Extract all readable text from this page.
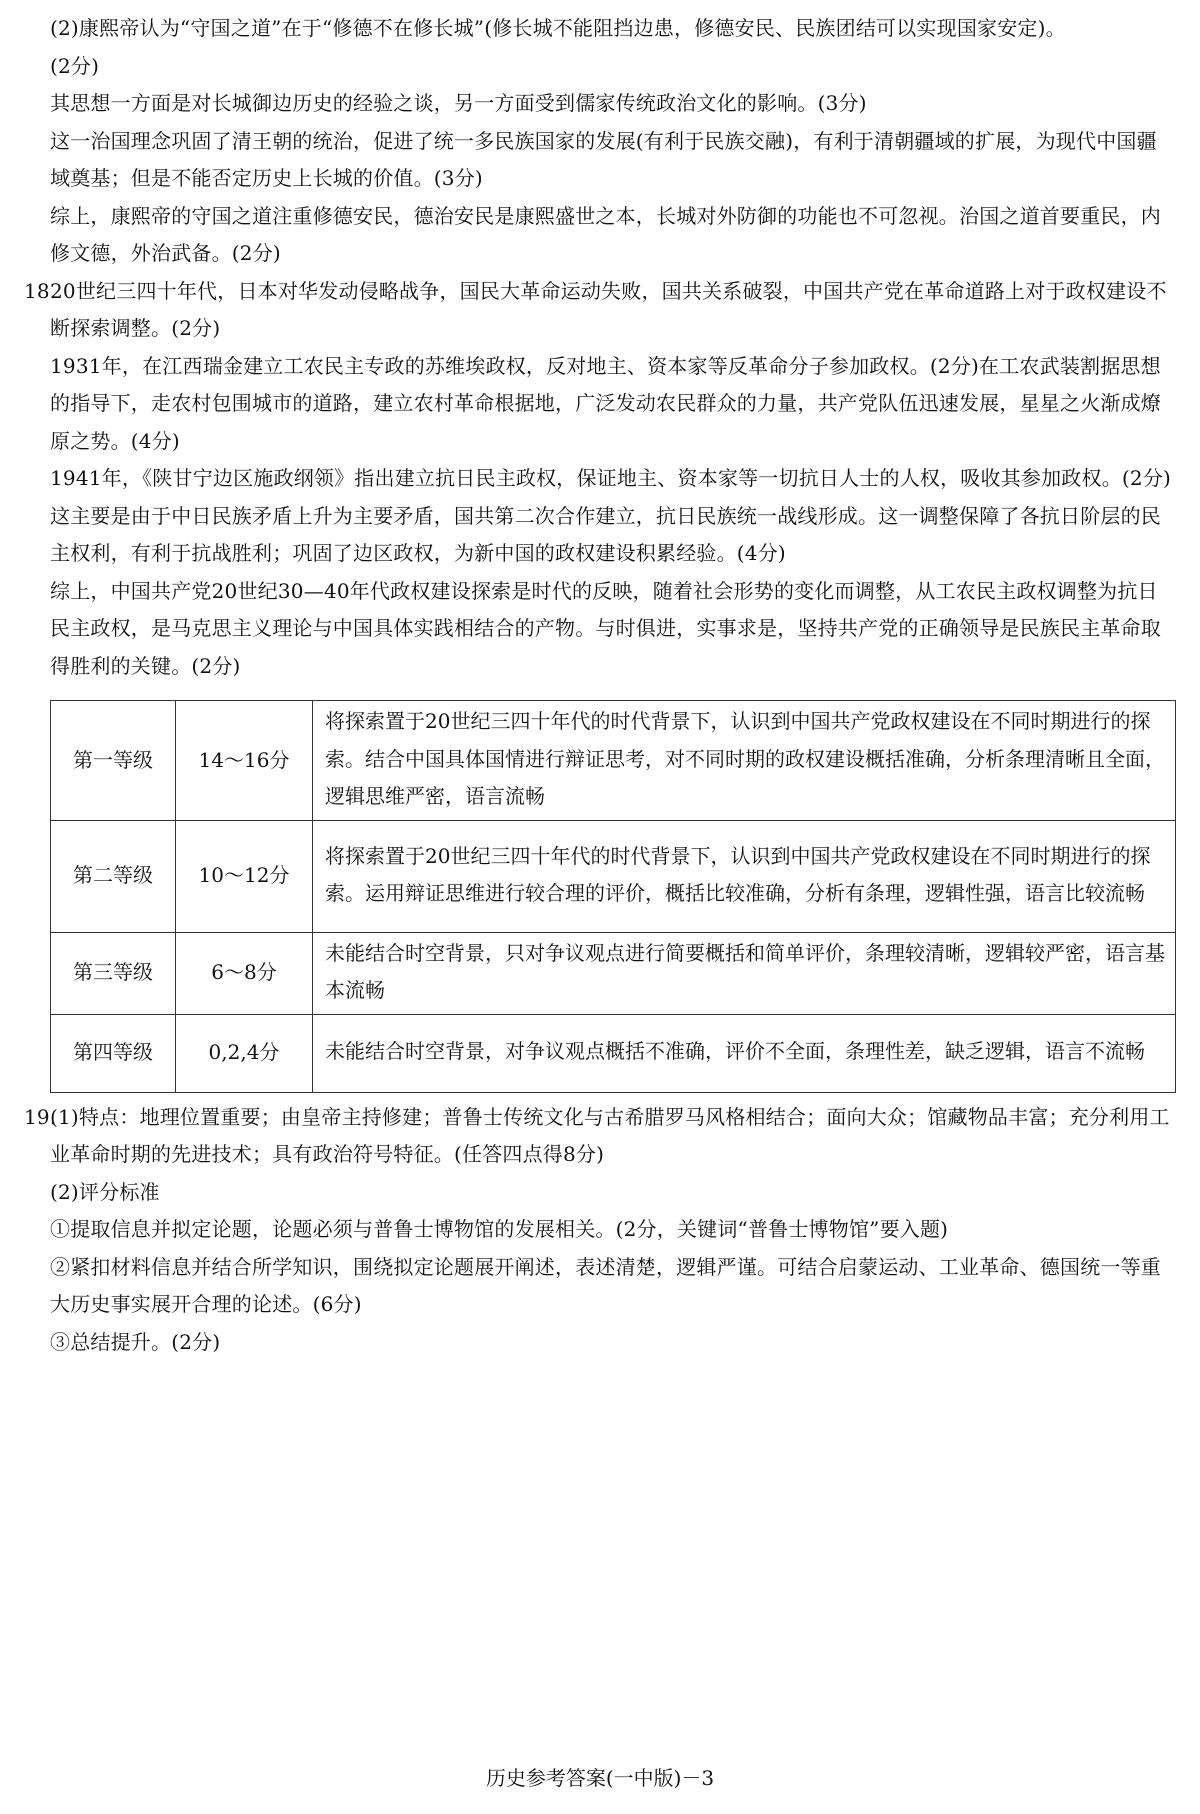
(2)康熙帝认为“守国之道”在于“修德不在修长城”(修长城不能阻挡边患，修德安民、民族团结可以实现国家安定)。

(2分)

其思想一方面是对长城御边历史的经验之谈，另一方面受到儒家传统政治文化的影响。(3分)

这一治国理念巩固了清王朝的统治，促进了统一多民族国家的发展(有利于民族交融)，有利于清朝疆域的扩展，为现代中国疆域奠基；但是不能否定历史上长城的价值。(3分)

综上，康熙帝的守国之道注重修德安民，德治安民是康熙盛世之本，长城对外防御的功能也不可忽视。治国之道首要重民，内修文德，外治武备。(2分)

18.

20世纪三四十年代，日本对华发动侵略战争，国民大革命运动失败，国共关系破裂，中国共产党在革命道路上对于政权建设不断探索调整。(2分)

1931年，在江西瑞金建立工农民主专政的苏维埃政权，反对地主、资本家等反革命分子参加政权。(2分)在工农武装割据思想的指导下，走农村包围城市的道路，建立农村革命根据地，广泛发动农民群众的力量，共产党队伍迅速发展，星星之火渐成燎原之势。(4分)

1941年，《陕甘宁边区施政纲领》指出建立抗日民主政权，保证地主、资本家等一切抗日人士的人权，吸收其参加政权。(2分)这主要是由于中日民族矛盾上升为主要矛盾，国共第二次合作建立，抗日民族统一战线形成。这一调整保障了各抗日阶层的民主权利，有利于抗战胜利；巩固了边区政权，为新中国的政权建设积累经验。(4分)

综上，中国共产党20世纪30—40年代政权建设探索是时代的反映，随着社会形势的变化而调整，从工农民主政权调整为抗日民主政权，是马克思主义理论与中国具体实践相结合的产物。与时俱进，实事求是，坚持共产党的正确领导是民族民主革命取得胜利的关键。(2分)

第一等级	14～16分	将探索置于20世纪三四十年代的时代背景下，认识到中国共产党政权建设在不同时期进行的探索。结合中国具体国情进行辩证思考，对不同时期的政权建设概括准确，分析条理清晰且全面，逻辑思维严密，语言流畅
第二等级	10～12分	将探索置于20世纪三四十年代的时代背景下，认识到中国共产党政权建设在不同时期进行的探索。运用辩证思维进行较合理的评价，概括比较准确，分析有条理，逻辑性强，语言比较流畅
第三等级	6～8分	未能结合时空背景，只对争议观点进行简要概括和简单评价，条理较清晰，逻辑较严密，语言基本流畅
第四等级	0,2,4分	未能结合时空背景，对争议观点概括不准确，评价不全面，条理性差，缺乏逻辑，语言不流畅

19.

(1)特点：地理位置重要；由皇帝主持修建；普鲁士传统文化与古希腊罗马风格相结合；面向大众；馆藏物品丰富；充分利用工业革命时期的先进技术；具有政治符号特征。(任答四点得8分)

(2)评分标准

①提取信息并拟定论题，论题必须与普鲁士博物馆的发展相关。(2分，关键词“普鲁士博物馆”要入题)

②紧扣材料信息并结合所学知识，围绕拟定论题展开阐述，表述清楚，逻辑严谨。可结合启蒙运动、工业革命、德国统一等重大历史事实展开合理的论述。(6分)

③总结提升。(2分)

历史参考答案(一中版)－3
